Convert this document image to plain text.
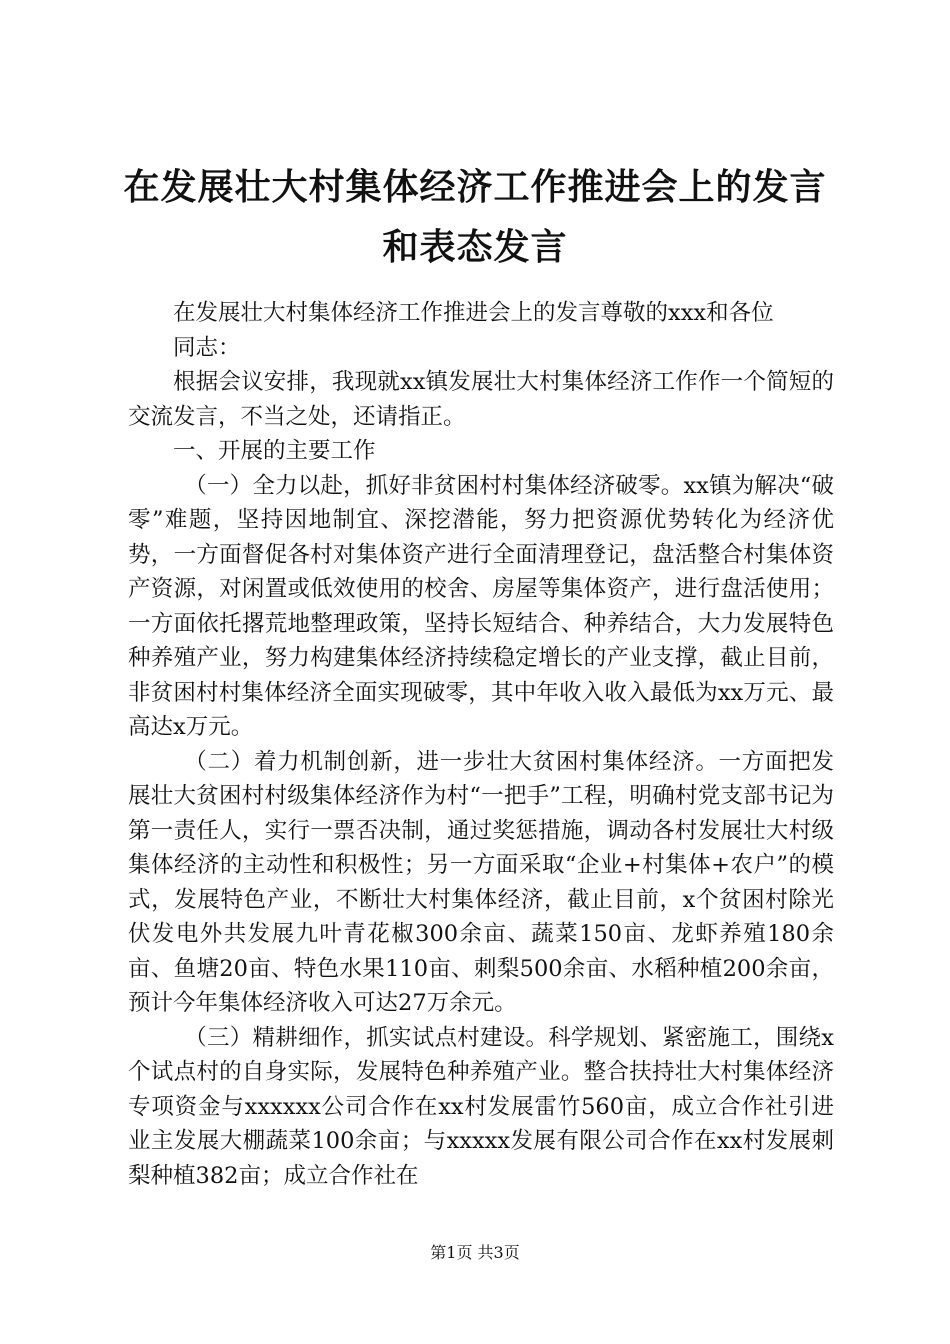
在发展壮大村集体经济工作推进会上的发言和表态发言

在发展壮大村集体经济工作推进会上的发言尊敬的xxx和各位

同志：

根据会议安排，我现就xx镇发展壮大村集体经济工作作一个简短的交流发言，不当之处，还请指正。

一、开展的主要工作

（一）全力以赴，抓好非贫困村村集体经济破零。xx镇为解决“破零”难题，坚持因地制宜、深挖潜能，努力把资源优势转化为经济优势，一方面督促各村对集体资产进行全面清理登记，盘活整合村集体资产资源，对闲置或低效使用的校舍、房屋等集体资产，进行盘活使用；一方面依托撂荒地整理政策，坚持长短结合、种养结合，大力发展特色种养殖产业，努力构建集体经济持续稳定增长的产业支撑，截止目前，非贫困村村集体经济全面实现破零，其中年收入收入最低为xx万元、最高达x万元。

（二）着力机制创新，进一步壮大贫困村集体经济。一方面把发展壮大贫困村村级集体经济作为村“一把手”工程，明确村党支部书记为第一责任人，实行一票否决制，通过奖惩措施，调动各村发展壮大村级集体经济的主动性和积极性；另一方面采取“企业+村集体+农户”的模式，发展特色产业，不断壮大村集体经济，截止目前，x个贫困村除光伏发电外共发展九叶青花椒300余亩、蔬菜150亩、龙虾养殖180余亩、鱼塘20亩、特色水果110亩、刺梨500余亩、水稻种植200余亩，预计今年集体经济收入可达27万余元。

（三）精耕细作，抓实试点村建设。科学规划、紧密施工，围绕x个试点村的自身实际，发展特色种养殖产业。整合扶持壮大村集体经济专项资金与xxxxxx公司合作在xx村发展雷竹560亩，成立合作社引进业主发展大棚蔬菜100余亩；与xxxxx发展有限公司合作在xx村发展刺梨种植382亩；成立合作社在

第1页 共3页
